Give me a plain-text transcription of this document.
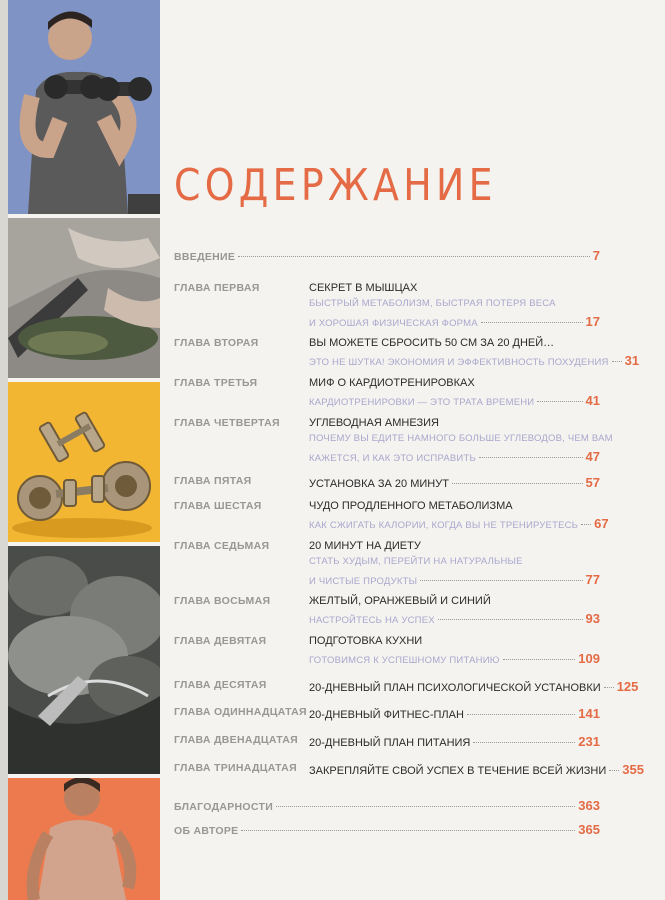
СОДЕРЖАНИЕ
ВВЕДЕНИЕ	7
ГЛАВА ПЕРВАЯ	СЕКРЕТ В МЫШЦАХ
БЫСТРЫЙ МЕТАБОЛИЗМ, БЫСТРАЯ ПОТЕРЯ ВЕСА
И ХОРОШАЯ ФИЗИЧЕСКАЯ ФОРМА	17
ГЛАВА ВТОРАЯ	ВЫ МОЖЕТЕ СБРОСИТЬ 50 СМ ЗА 20 ДНЕЙ…
ЭТО НЕ ШУТКА! ЭКОНОМИЯ И ЭФФЕКТИВНОСТЬ ПОХУДЕНИЯ 31
ГЛАВА ТРЕТЬЯ	МИФ О КАРДИОТРЕНИРОВКАХ
КАРДИОТРЕНИРОВКИ — ЭТО ТРАТА ВРЕМЕНИ	41
ГЛАВА ЧЕТВЕРТАЯ	УГЛЕВОДНАЯ АМНЕЗИЯ
ПОЧЕМУ ВЫ ЕДИТЕ НАМНОГО БОЛЬШЕ УГЛЕВОДОВ, ЧЕМ ВАМ
КАЖЕТСЯ, И КАК ЭТО ИСПРАВИТЬ	47
ГЛАВА ПЯТАЯ	УСТАНОВКА ЗА 20 МИНУТ	57
ГЛАВА ШЕСТАЯ	ЧУДО ПРОДЛЕННОГО МЕТАБОЛИЗМА
КАК СЖИГАТЬ КАЛОРИИ, КОГДА ВЫ НЕ ТРЕНИРУЕТЕСЬ 67
ГЛАВА СЕДЬМАЯ	20 МИНУТ НА ДИЕТУ
СТАТЬ ХУДЫМ, ПЕРЕЙТИ НА НАТУРАЛЬНЫЕ
И ЧИСТЫЕ ПРОДУКТЫ	77
ГЛАВА ВОСЬМАЯ	ЖЕЛТЫЙ, ОРАНЖЕВЫЙ И СИНИЙ
НАСТРОЙТЕСЬ НА УСПЕХ	93
ГЛАВА ДЕВЯТАЯ	ПОДГОТОВКА КУХНИ
ГОТОВИМСЯ К УСПЕШНОМУ ПИТАНИЮ	109
ГЛАВА ДЕСЯТАЯ	20-ДНЕВНЫЙ ПЛАН ПСИХОЛОГИЧЕСКОЙ УСТАНОВКИ 125
ГЛАВА ОДИННАДЦАТАЯ 20-ДНЕВНЫЙ ФИТНЕС-ПЛАН	141
ГЛАВА ДВЕНАДЦАТАЯ 20-ДНЕВНЫЙ ПЛАН ПИТАНИЯ	231
ГЛАВА ТРИНАДЦАТАЯ ЗАКРЕПЛЯЙТЕ СВОЙ УСПЕХ В ТЕЧЕНИЕ ВСЕЙ ЖИЗНИ 355
БЛАГОДАРНОСТИ	363
ОБ АВТОРЕ	365
